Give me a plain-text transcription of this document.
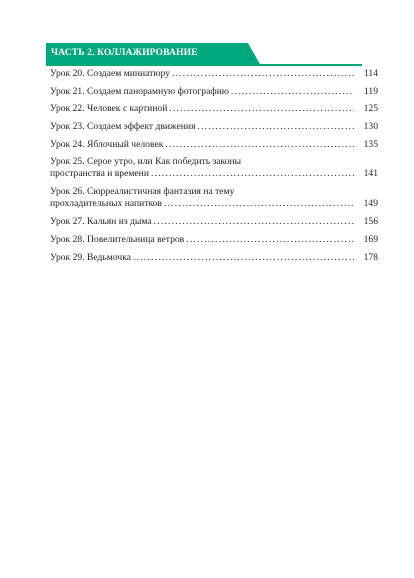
ЧАСТЬ 2. КОЛЛАЖИРОВАНИЕ
Урок 20. Создаем миниатюру . . .	114
Урок 21. Создаем панорамную фотографию . . .	119
Урок 22. Человек с картиной . . .	125
Урок 23. Создаем эффект движения . . .	130
Урок 24. Яблочный человек . . .	135
Урок 25. Серое утро, или Как победить законы
пространства и времени . . .	141
Урок 26. Сюрреалистичная фантазия на тему
прохладительных напитков . . .	149
Урок 27. Кальян из дыма . . .	156
Урок 28. Повелительница ветров . . .	169
Урок 29. Ведьмочка . . .	178
